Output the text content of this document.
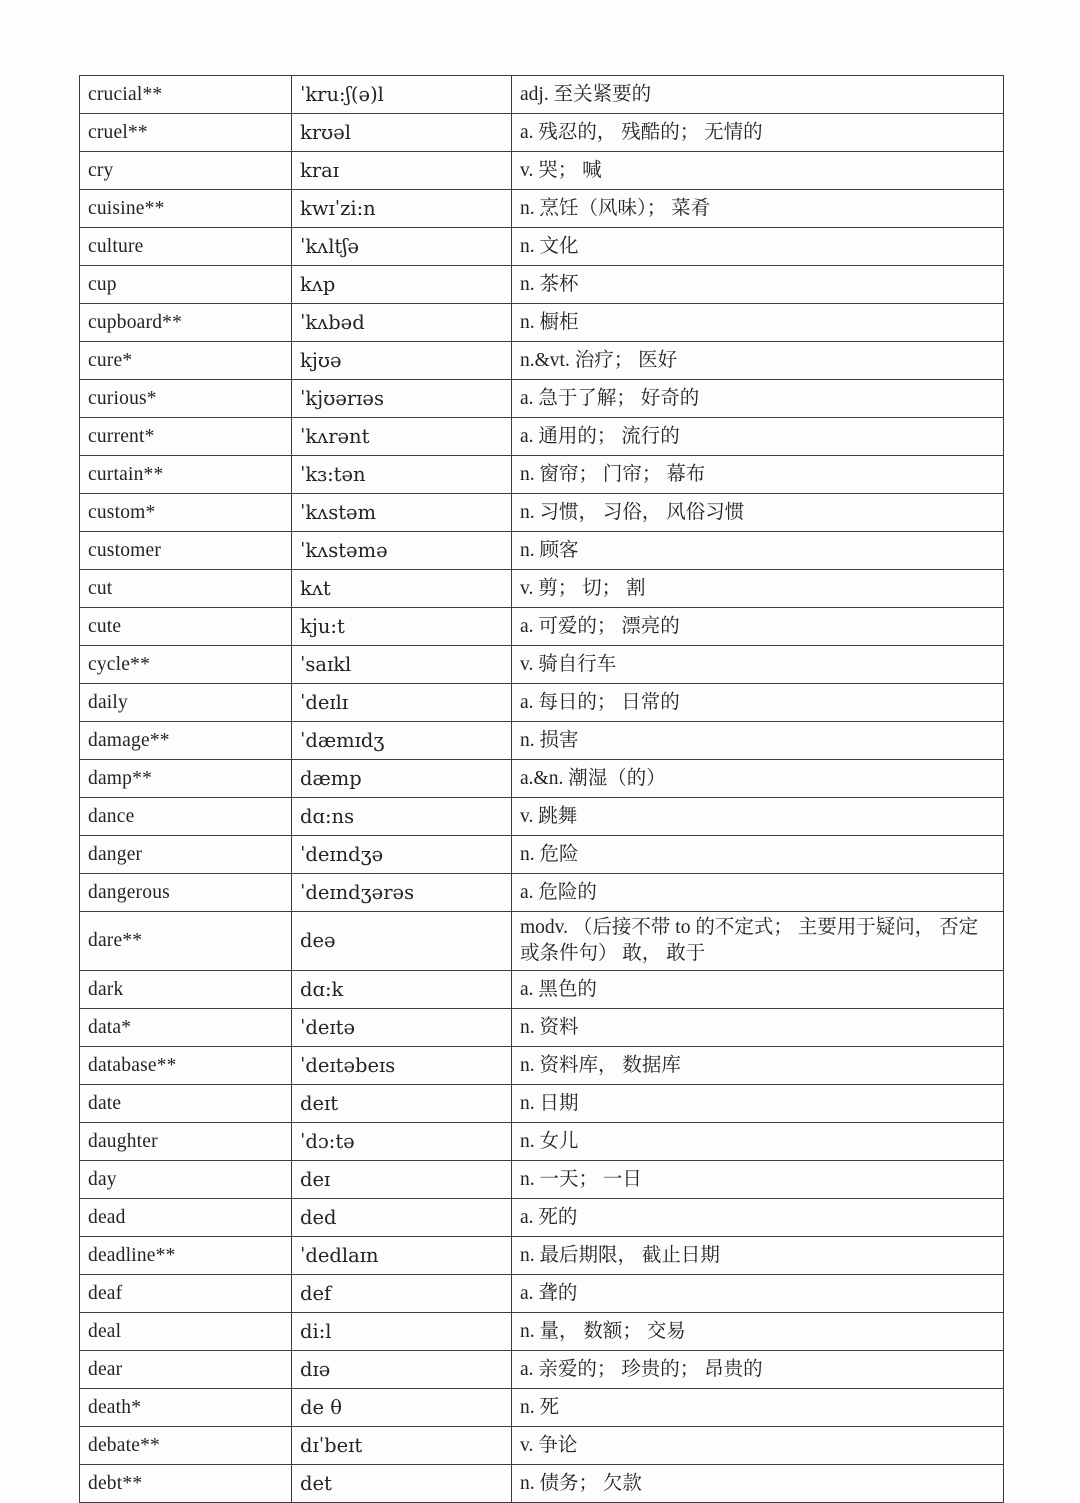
crucial**	ˈkru:ʃ(ə)l	adj. 至关紧要的
cruel**	krʊəl	a. 残忍的， 残酷的； 无情的
cry	kraɪ	v. 哭； 喊
cuisine**	kwɪˈzi:n	n. 烹饪（风味）； 菜肴
culture	ˈkʌltʃə	n. 文化
cup	kʌp	n. 茶杯
cupboard**	ˈkʌbəd	n. 橱柜
cure*	kjʊə	n.&vt. 治疗； 医好
curious*	ˈkjʊərɪəs	a. 急于了解； 好奇的
current*	ˈkʌrənt	a. 通用的； 流行的
curtain**	ˈkɜ:tən	n. 窗帘； 门帘； 幕布
custom*	ˈkʌstəm	n. 习惯， 习俗， 风俗习惯
customer	ˈkʌstəmə	n. 顾客
cut	kʌt	v. 剪； 切； 割
cute	kju:t	a. 可爱的； 漂亮的
cycle**	ˈsaɪkl	v. 骑自行车
daily	ˈdeɪlɪ	a. 每日的； 日常的
damage**	ˈdæmɪdʒ	n. 损害
damp**	dæmp	a.&n. 潮湿（的）
dance	dɑ:ns	v. 跳舞
danger	ˈdeɪndʒə	n. 危险
dangerous	ˈdeɪndʒərəs	a. 危险的
dare**	deə	modv. （后接不带 to 的不定式； 主要用于疑问， 否定或条件句） 敢， 敢于
dark	dɑ:k	a. 黑色的
data*	ˈdeɪtə	n. 资料
database**	ˈdeɪtəbeɪs	n. 资料库， 数据库
date	deɪt	n. 日期
daughter	ˈdɔ:tə	n. 女儿
day	deɪ	n. 一天； 一日
dead	ded	a. 死的
deadline**	ˈdedlaɪn	n. 最后期限， 截止日期
deaf	def	a. 聋的
deal	di:l	n. 量， 数额； 交易
dear	dɪə	a. 亲爱的； 珍贵的； 昂贵的
death*	de θ	n. 死
debate**	dɪˈbeɪt	v. 争论
debt**	det	n. 债务； 欠款
